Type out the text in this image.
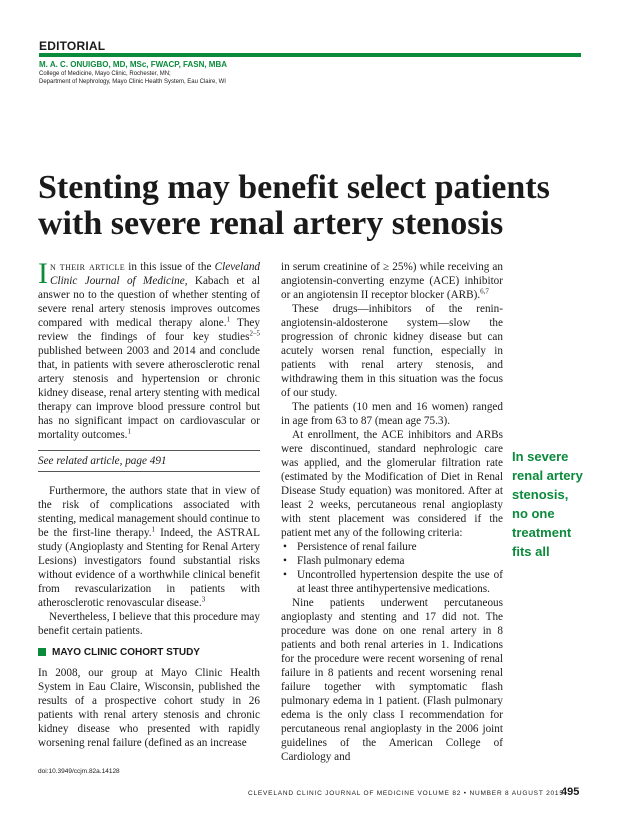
EDITORIAL
M. A. C. ONUIGBO, MD, MSc, FWACP, FASN, MBA
College of Medicine, Mayo Clinic, Rochester, MN;
Department of Nephrology, Mayo Clinic Health System, Eau Claire, WI
Stenting may benefit select patients
with severe renal artery stenosis

In their article in this issue of the Cleveland Clinic Journal of Medicine, Kabach et al answer no to the question of whether stenting of severe renal artery stenosis improves outcomes compared with medical therapy alone.$^1$ They review the findings of four key studies$^{2-5}$ published between 2003 and 2014 and conclude that, in patients with severe atherosclerotic renal artery stenosis and hypertension or chronic kidney disease, renal artery stenting with medical therapy can improve blood pressure control but has no significant impact on cardiovascular or mortality outcomes.$^1$

See related article, page 491

Furthermore, the authors state that in view of the risk of complications associated with stenting, medical management should continue to be the first-line therapy.$^1$ Indeed, the ASTRAL study (Angioplasty and Stenting for Renal Artery Lesions) investigators found substantial risks without evidence of a worthwhile clinical benefit from revascularization in patients with atherosclerotic renovascular disease.$^3$

Nevertheless, I believe that this procedure may benefit certain patients.

MAYO CLINIC COHORT STUDY

In 2008, our group at Mayo Clinic Health System in Eau Claire, Wisconsin, published the results of a prospective cohort study in 26 patients with renal artery stenosis and chronic kidney disease who presented with rapidly worsening renal failure (defined as an increase

in serum creatinine of ≥ 25%) while receiving an angiotensin-converting enzyme (ACE) inhibitor or an angiotensin II receptor blocker (ARB).$^{6,7}$

These drugs—inhibitors of the renin-angiotensin-aldosterone system—slow the progression of chronic kidney disease but can acutely worsen renal function, especially in patients with renal artery stenosis, and withdrawing them in this situation was the focus of our study.

The patients (10 men and 16 women) ranged in age from 63 to 87 (mean age 75.3).

At enrollment, the ACE inhibitors and ARBs were discontinued, standard nephrologic care was applied, and the glomerular filtration rate (estimated by the Modification of Diet in Renal Disease Study equation) was monitored. After at least 2 weeks, percutaneous renal angioplasty with stent placement was considered if the patient met any of the following criteria:

• Persistence of renal failure
• Flash pulmonary edema
• Uncontrolled hypertension despite the use of at least three antihypertensive medications.

Nine patients underwent percutaneous angioplasty and stenting and 17 did not. The procedure was done on one renal artery in 8 patients and both renal arteries in 1. Indications for the procedure were recent worsening of renal failure in 8 patients and recent worsening renal failure together with symptomatic flash pulmonary edema in 1 patient. (Flash pulmonary edema is the only class I recommendation for percutaneous renal angioplasty in the 2006 joint guidelines of the American College of Cardiology and

In severe
renal artery
stenosis,
no one
treatment
fits all
doi:10.3949/ccjm.82a.14128
CLEVELAND CLINIC JOURNAL OF MEDICINE VOLUME 82 • NUMBER 8 AUGUST 2015
495
